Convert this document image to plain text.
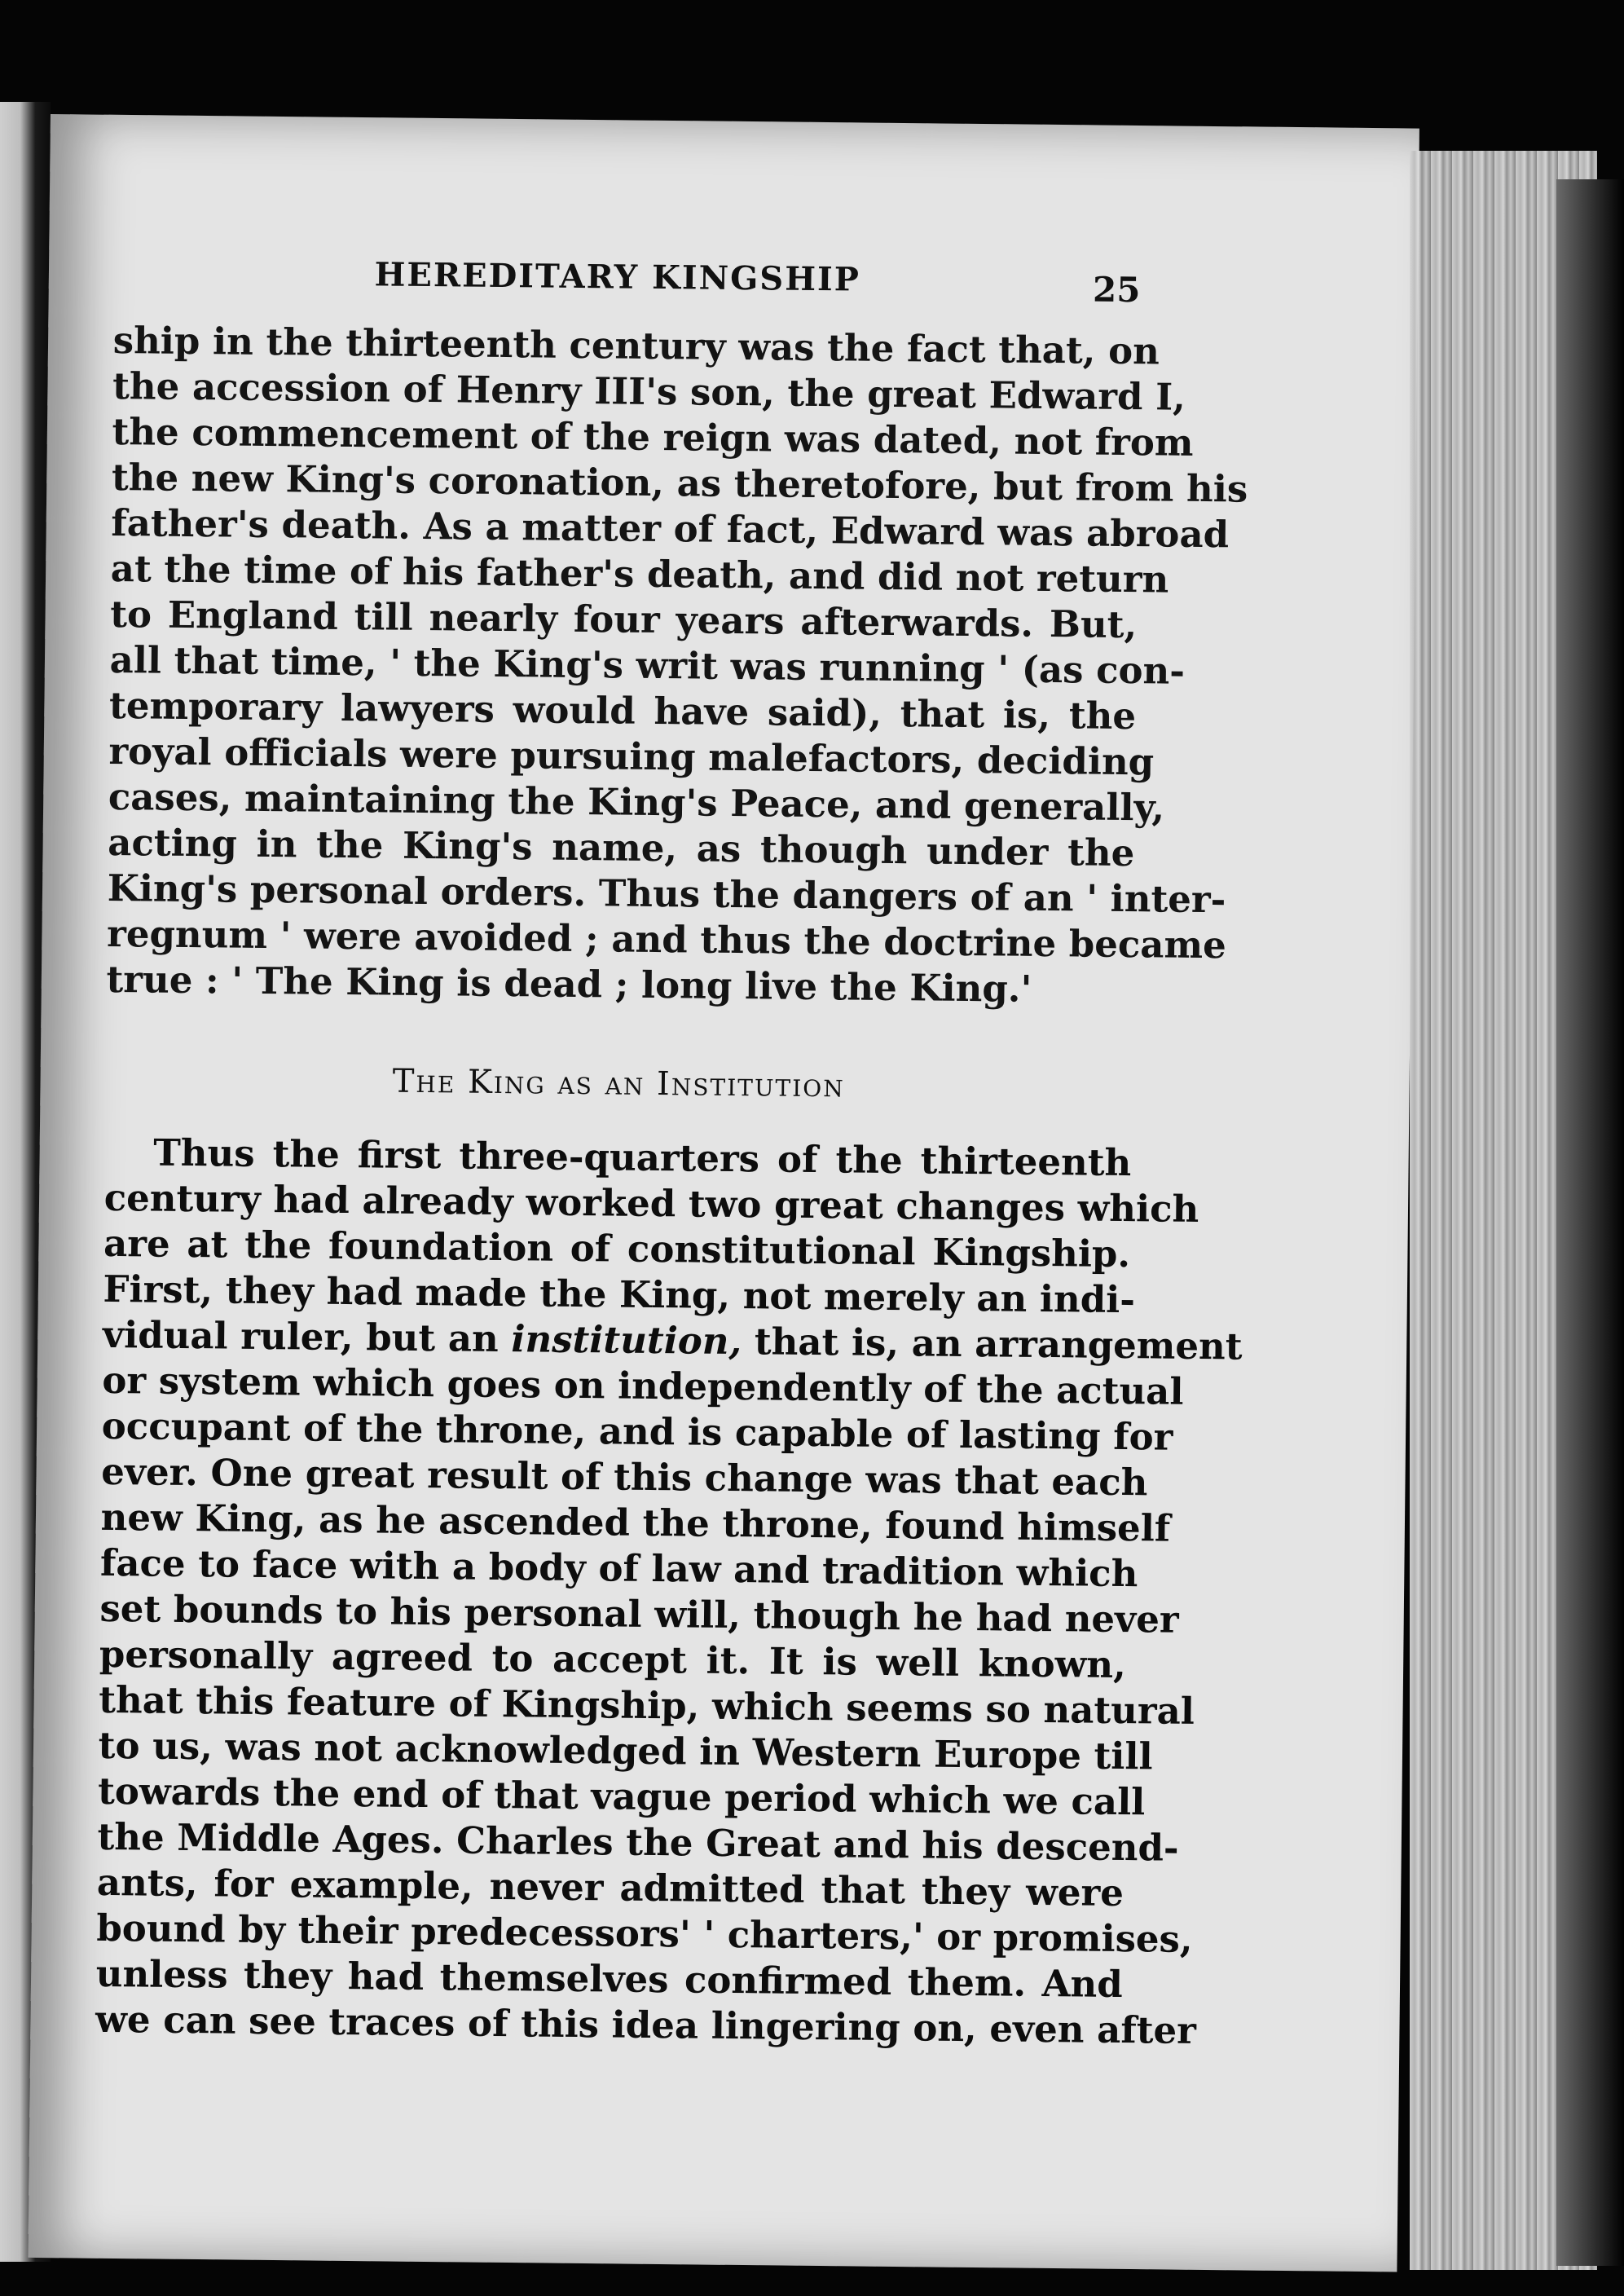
HEREDITARY KINGSHIP	25

ship in the thirteenth century was the fact that, on
the accession of Henry III's son, the great Edward I,
the commencement of the reign was dated, not from
the new King's coronation, as theretofore, but from his
father's death. As a matter of fact, Edward was abroad
at the time of his father's death, and did not return
to England till nearly four years afterwards. But,
all that time, ' the King's writ was running ' (as con-
temporary lawyers would have said), that is, the
royal officials were pursuing malefactors, deciding
cases, maintaining the King's Peace, and generally,
acting in the King's name, as though under the
King's personal orders. Thus the dangers of an ' inter-
regnum ' were avoided ; and thus the doctrine became
true : ' The King is dead ; long live the King.'

The King as an Institution

Thus the first three-quarters of the thirteenth
century had already worked two great changes which
are at the foundation of constitutional Kingship.
First, they had made the King, not merely an indi-
vidual ruler, but an institution, that is, an arrangement
or system which goes on independently of the actual
occupant of the throne, and is capable of lasting for
ever. One great result of this change was that each
new King, as he ascended the throne, found himself
face to face with a body of law and tradition which
set bounds to his personal will, though he had never
personally agreed to accept it. It is well known,
that this feature of Kingship, which seems so natural
to us, was not acknowledged in Western Europe till
towards the end of that vague period which we call
the Middle Ages. Charles the Great and his descend-
ants, for example, never admitted that they were
bound by their predecessors' ' charters,' or promises,
unless they had themselves confirmed them. And
we can see traces of this idea lingering on, even after
